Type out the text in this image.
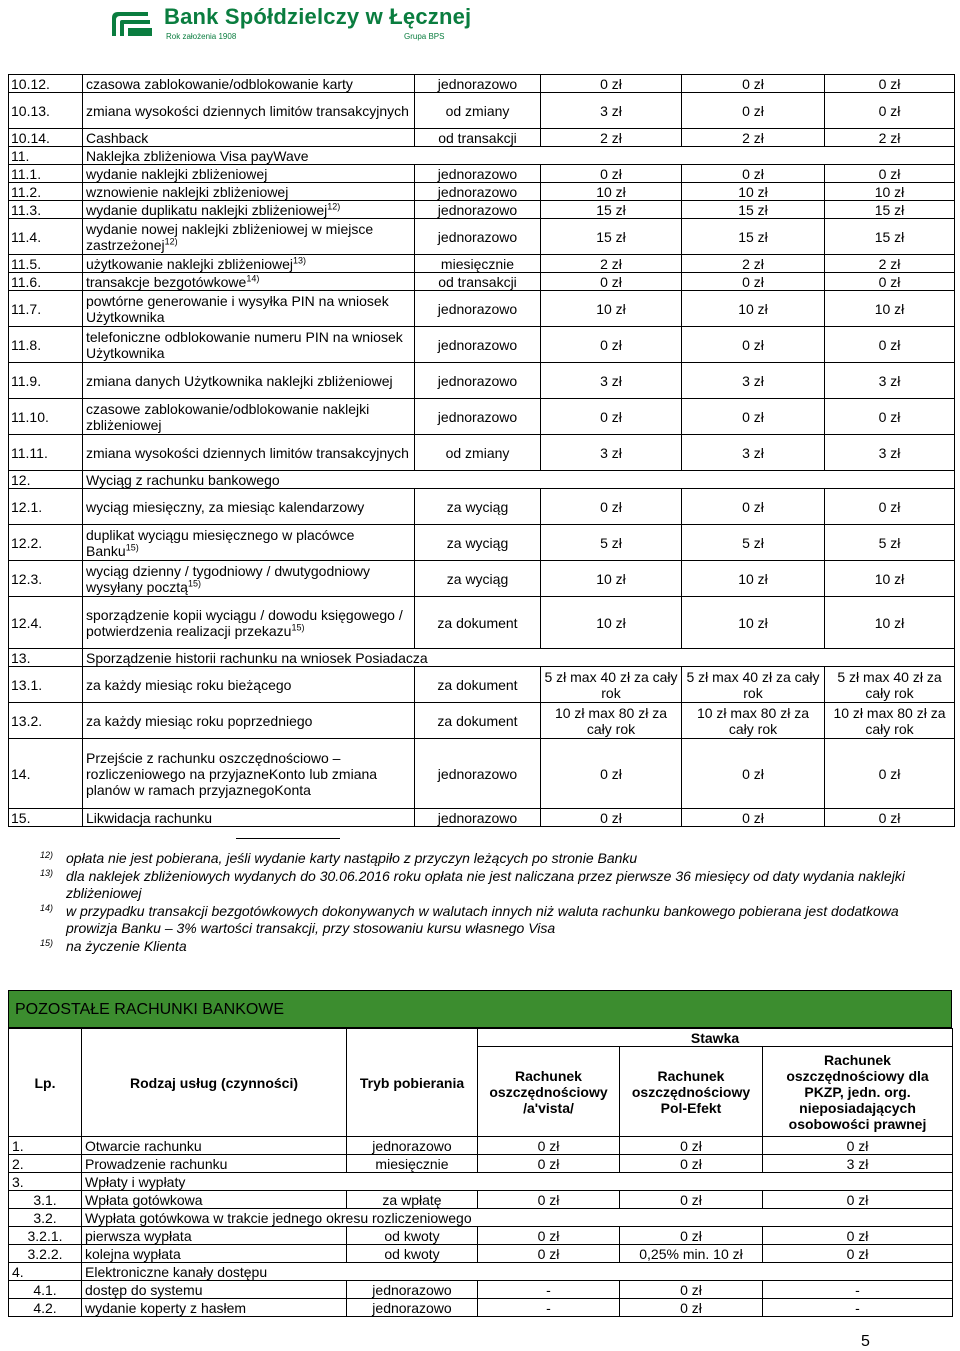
Bank Spółdzielczy w Łęcznej
Rok założenia 1908	Grupa BPS
10.12.	czasowa zablokowanie/odblokowanie karty	jednorazowo	0 zł	0 zł	0 zł
10.13.	zmiana wysokości dziennych limitów transakcyjnych	od zmiany	3 zł	0 zł	0 zł
10.14.	Cashback	od transakcji	2 zł	2 zł	2 zł
11.	Naklejka zbliżeniowa Visa payWave				
11.1.	wydanie naklejki zbliżeniowej	jednorazowo	0 zł	0 zł	0 zł
11.2.	wznowienie naklejki zbliżeniowej	jednorazowo	10 zł	10 zł	10 zł
11.3.	wydanie duplikatu naklejki zbliżeniowej$^{12)}$	jednorazowo	15 zł	15 zł	15 zł
11.4.	wydanie nowej naklejki zbliżeniowej w miejsce zastrzeżonej$^{12)}$	jednorazowo	15 zł	15 zł	15 zł
11.5.	użytkowanie naklejki zbliżeniowej$^{13)}$	miesięcznie	2 zł	2 zł	2 zł
11.6.	transakcje bezgotówkowe$^{14)}$	od transakcji	0 zł	0 zł	0 zł
11.7.	powtórne generowanie i wysyłka PIN na wniosek Użytkownika	jednorazowo	10 zł	10 zł	10 zł
11.8.	telefoniczne odblokowanie numeru PIN na wniosek Użytkownika	jednorazowo	0 zł	0 zł	0 zł
11.9.	zmiana danych Użytkownika naklejki zbliżeniowej	jednorazowo	3 zł	3 zł	3 zł
11.10.	czasowe zablokowanie/odblokowanie naklejki zbliżeniowej	jednorazowo	0 zł	0 zł	0 zł
11.11.	zmiana wysokości dziennych limitów transakcyjnych	od zmiany	3 zł	3 zł	3 zł
12.	Wyciąg z rachunku bankowego				
12.1.	wyciąg miesięczny, za miesiąc kalendarzowy	za wyciąg	0 zł	0 zł	0 zł
12.2.	duplikat wyciągu miesięcznego w placówce Banku$^{15)}$	za wyciąg	5 zł	5 zł	5 zł
12.3.	wyciąg dzienny / tygodniowy / dwutygodniowy wysyłany pocztą$^{15)}$	za wyciąg	10 zł	10 zł	10 zł
12.4.	sporządzenie kopii wyciągu / dowodu księgowego / potwierdzenia realizacji przekazu$^{15)}$	za dokument	10 zł	10 zł	10 zł
13.	Sporządzenie historii rachunku na wniosek Posiadacza				
13.1.	za każdy miesiąc roku bieżącego	za dokument	5 zł max 40 zł za cały rok	5 zł max 40 zł za cały rok	5 zł max 40 zł za cały rok
13.2.	za każdy miesiąc roku poprzedniego	za dokument	10 zł max 80 zł za cały rok	10 zł max 80 zł za cały rok	10 zł max 80 zł za cały rok
14.	Przejście z rachunku oszczędnościowo – rozliczeniowego na przyjazneKonto lub zmiana planów w ramach przyjaznegoKonta	jednorazowo	0 zł	0 zł	0 zł
15.	Likwidacja rachunku	jednorazowo	0 zł	0 zł	0 zł
12) opłata nie jest pobierana, jeśli wydanie karty nastąpiło z przyczyn leżących po stronie Banku
13) dla naklejek zbliżeniowych wydanych do 30.06.2016 roku opłata nie jest naliczana przez pierwsze 36 miesięcy od daty wydania naklejki zbliżeniowej
14) w przypadku transakcji bezgotówkowych dokonywanych w walutach innych niż waluta rachunku bankowego pobierana jest dodatkowa prowizja Banku – 3% wartości transakcji, przy stosowaniu kursu własnego Visa
15) na życzenie Klienta
POZOSTAŁE RACHUNKI BANKOWE
Lp.	Rodzaj usług (czynności)	Tryb pobierania	Stawka		
			Rachunek oszczędnościowy /a'vista/	Rachunek oszczędnościowy Pol-Efekt	Rachunek oszczędnościowy dla PKZP, jedn. org. nieposiadających osobowości prawnej
1.	Otwarcie rachunku	jednorazowo	0 zł	0 zł	0 zł
2.	Prowadzenie rachunku	miesięcznie	0 zł	0 zł	3 zł
3.	Wpłaty i wypłaty				
3.1.	Wpłata gotówkowa	za wpłatę	0 zł	0 zł	0 zł
3.2.	Wypłata gotówkowa w trakcie jednego okresu rozliczeniowego				
3.2.1.	pierwsza wypłata	od kwoty	0 zł	0 zł	0 zł
3.2.2.	kolejna wypłata	od kwoty	0 zł	0,25% min. 10 zł	0 zł
4.	Elektroniczne kanały dostępu				
4.1.	dostęp do systemu	jednorazowo	-	0 zł	-
4.2.	wydanie koperty z hasłem	jednorazowo	-	0 zł	-
5
